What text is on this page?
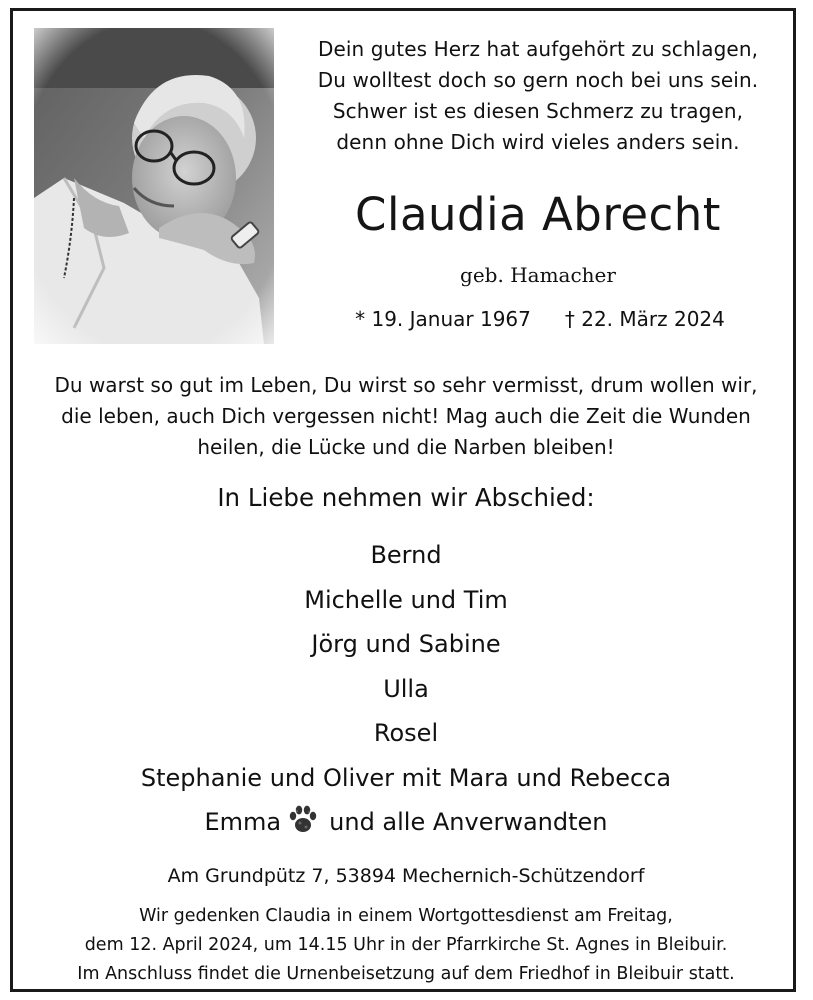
Dein gutes Herz hat aufgehört zu schlagen,
Du wolltest doch so gern noch bei uns sein.
Schwer ist es diesen Schmerz zu tragen,
denn ohne Dich wird vieles anders sein.
Claudia Abrecht
geb. Hamacher
* 19. Januar 1967 † 22. März 2024
Du warst so gut im Leben, Du wirst so sehr vermisst, drum wollen wir,
die leben, auch Dich vergessen nicht! Mag auch die Zeit die Wunden
heilen, die Lücke und die Narben bleiben!
In Liebe nehmen wir Abschied:
Bernd
Michelle und Tim
Jörg und Sabine
Ulla
Rosel
Stephanie und Oliver mit Mara und Rebecca
Emma und alle Anverwandten
Am Grundpütz 7, 53894 Mechernich-Schützendorf
Wir gedenken Claudia in einem Wortgottesdienst am Freitag,
dem 12. April 2024, um 14.15 Uhr in der Pfarrkirche St. Agnes in Bleibuir.
Im Anschluss findet die Urnenbeisetzung auf dem Friedhof in Bleibuir statt.
